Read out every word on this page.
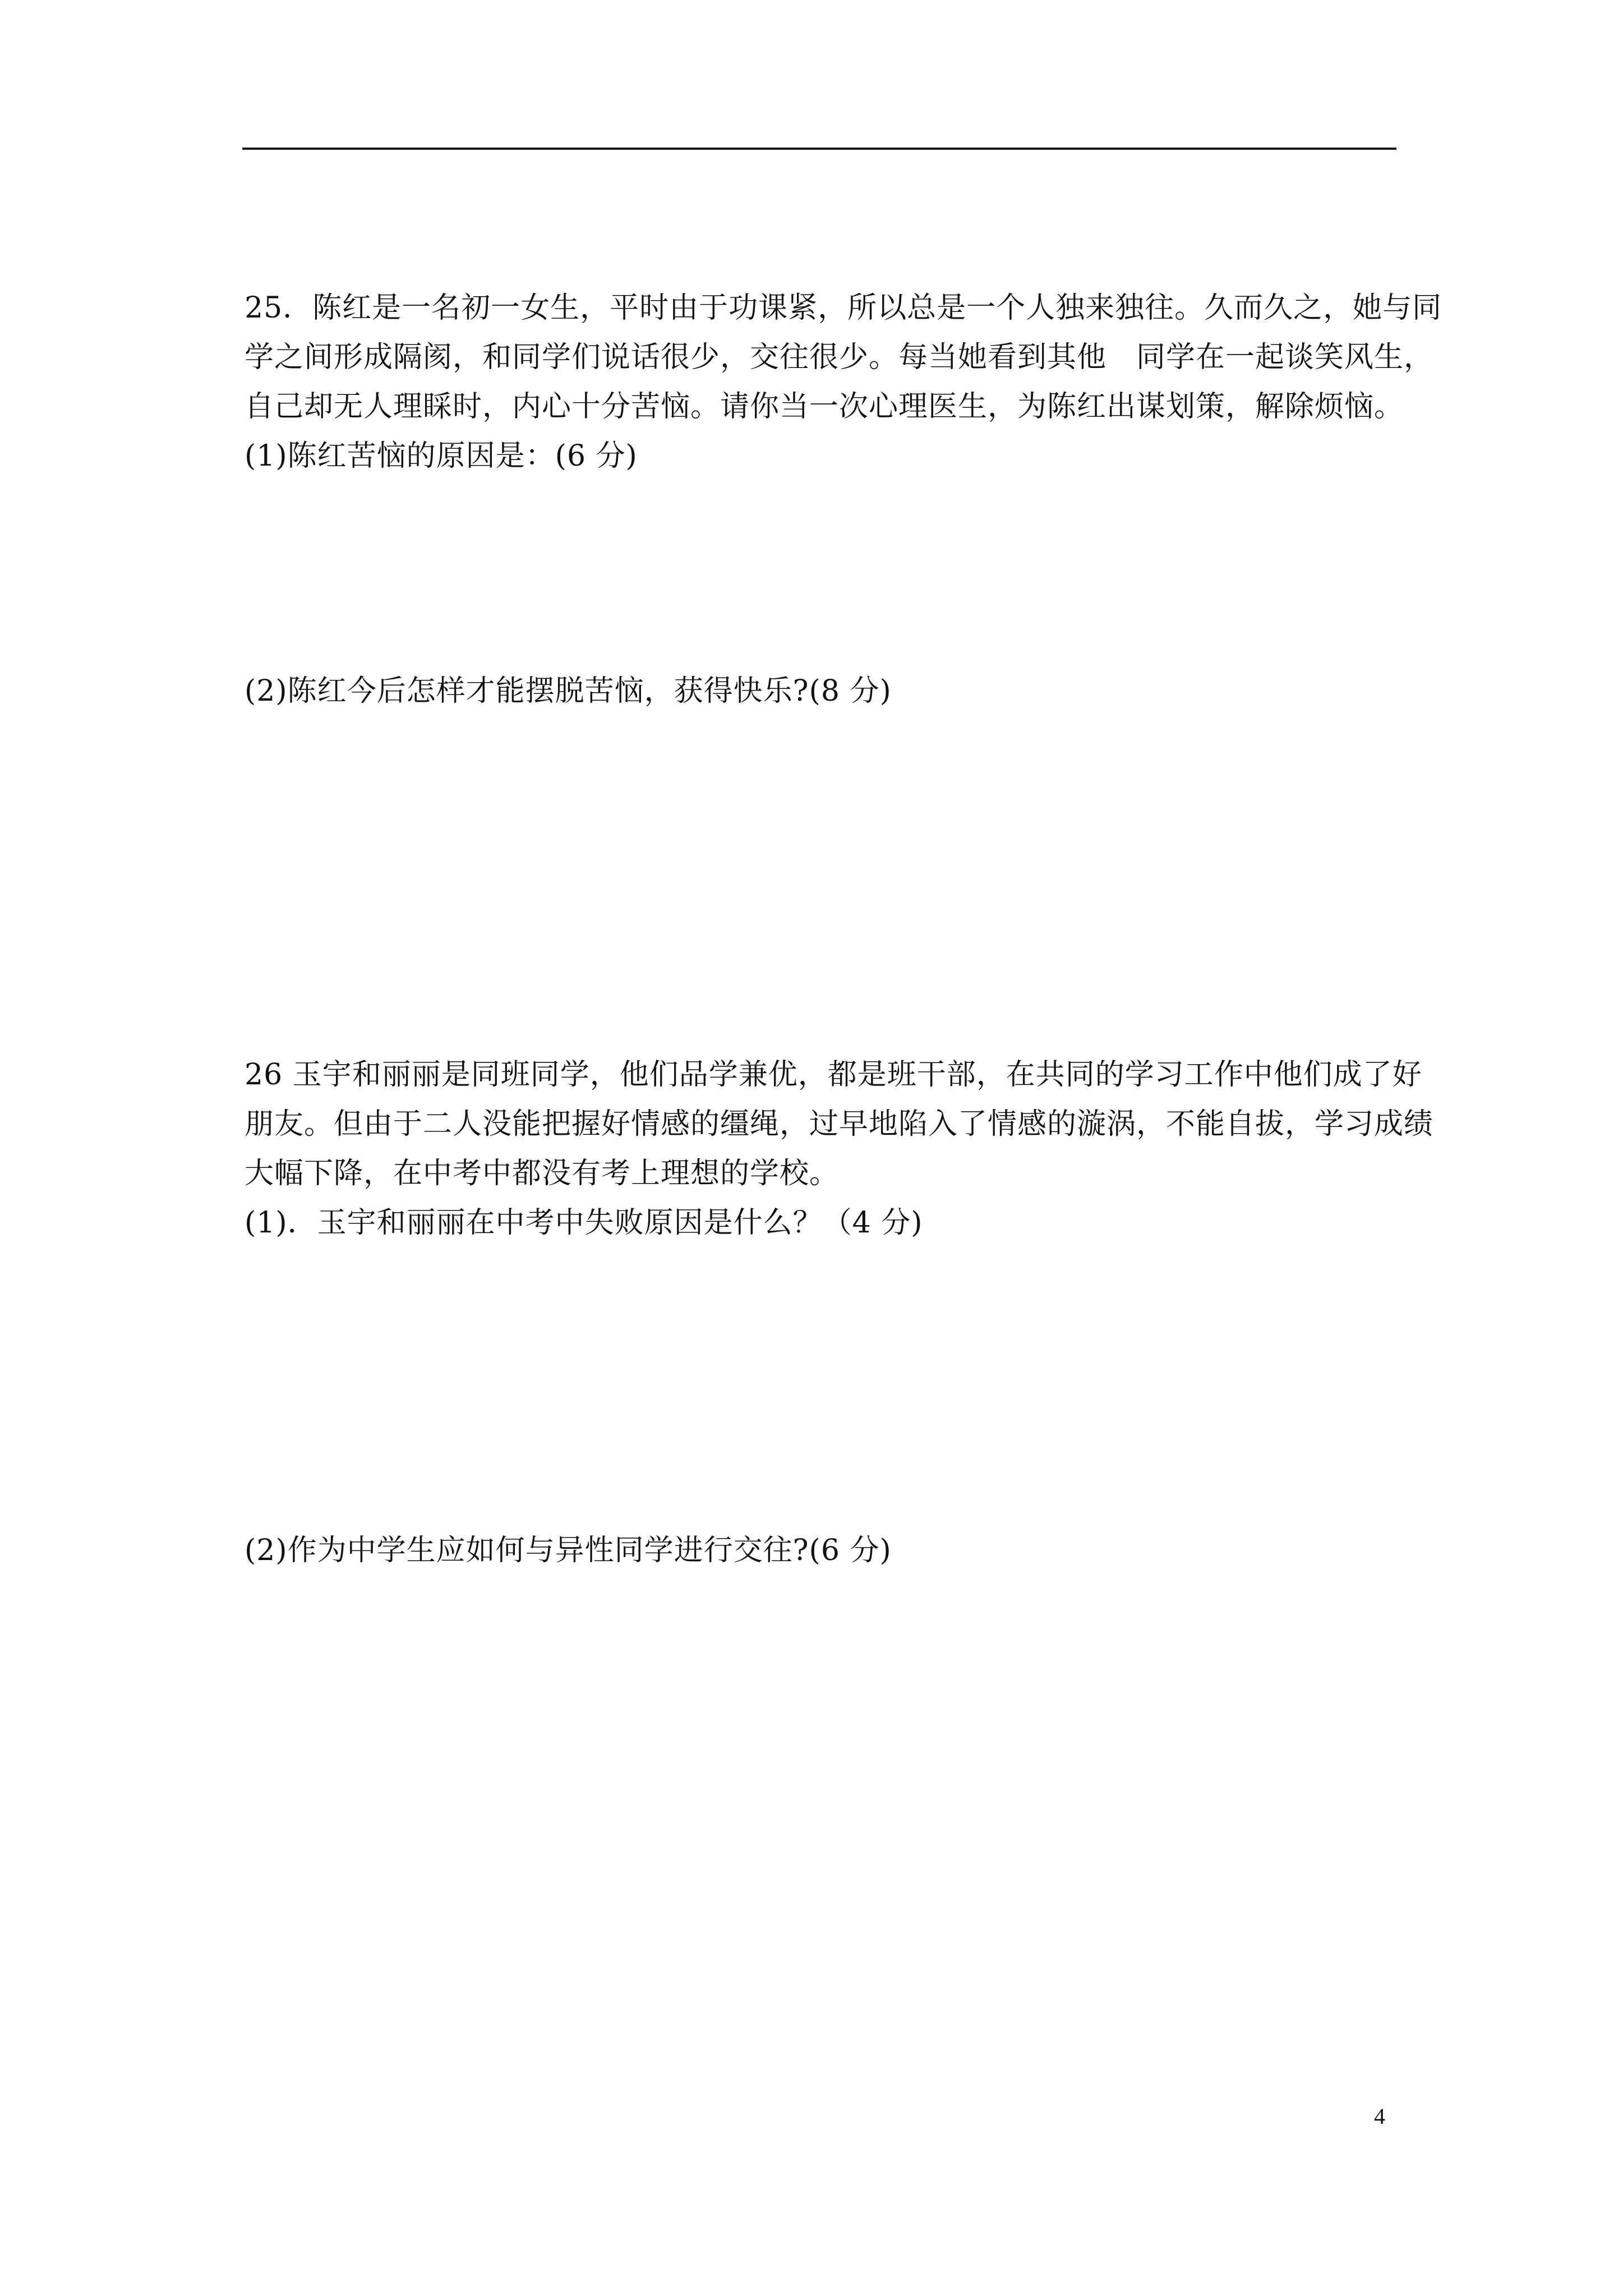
25．陈红是一名初一女生，平时由于功课紧，所以总是一个人独来独往。久而久之，她与同
学之间形成隔阂，和同学们说话很少，交往很少。每当她看到其他　同学在一起谈笑风生，
自己却无人理睬时，内心十分苦恼。请你当一次心理医生，为陈红出谋划策，解除烦恼。
(1)陈红苦恼的原因是：(6 分)
(2)陈红今后怎样才能摆脱苦恼，获得快乐?(8 分)
26 玉宇和丽丽是同班同学，他们品学兼优，都是班干部，在共同的学习工作中他们成了好
朋友。但由于二人没能把握好情感的缰绳，过早地陷入了情感的漩涡，不能自拔，学习成绩
大幅下降，在中考中都没有考上理想的学校。
(1)．玉宇和丽丽在中考中失败原因是什么？（4 分)
(2)作为中学生应如何与异性同学进行交往?(6 分)
4
